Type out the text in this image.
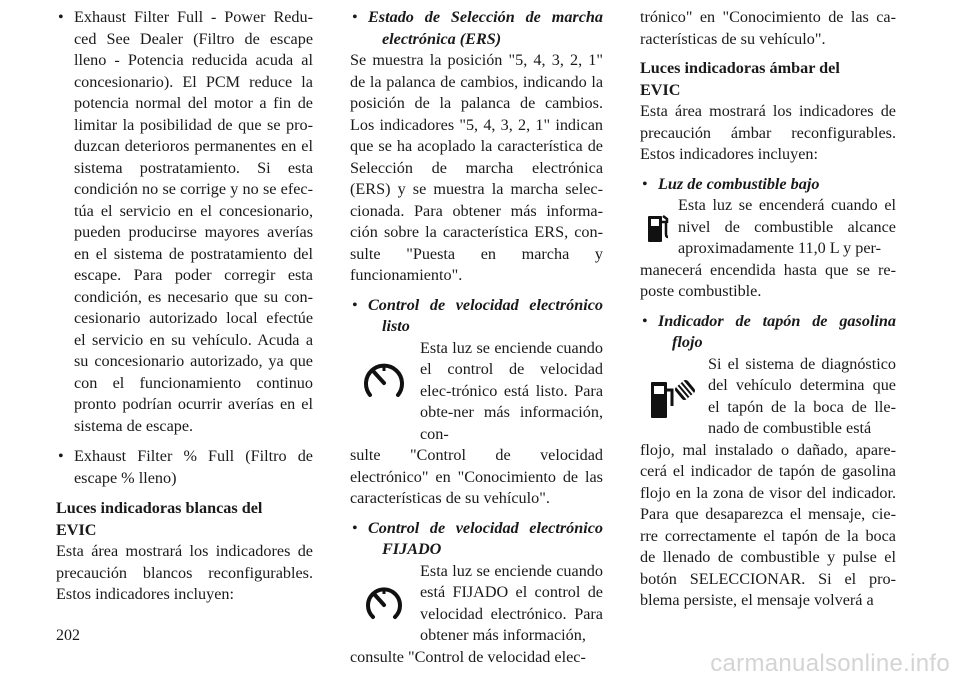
• Exhaust Filter Full - Power Redu-ced See Dealer (Filtro de escape lleno - Potencia reducida acuda al concesionario). El PCM reduce la potencia normal del motor a fin de limitar la posibilidad de que se pro-duzcan deterioros permanentes en el sistema postratamiento. Si esta condición no se corrige y no se efec-túa el servicio en el concesionario, pueden producirse mayores averías en el sistema de postratamiento del escape. Para poder corregir esta condición, es necesario que su con-cesionario autorizado local efectúe el servicio en su vehículo. Acuda a su concesionario autorizado, ya que con el funcionamiento continuo pronto podrían ocurrir averías en el sistema de escape.
• Exhaust Filter % Full (Filtro de escape % lleno)

Luces indicadoras blancas del EVIC

Esta área mostrará los indicadores de precaución blancos reconfigurables. Estos indicadores incluyen:

• Estado de Selección de marcha electrónica (ERS)

Se muestra la posición "5, 4, 3, 2, 1" de la palanca de cambios, indicando la posición de la palanca de cambios. Los indicadores "5, 4, 3, 2, 1" indican que se ha acoplado la característica de Selección de marcha electrónica (ERS) y se muestra la marcha selec-cionada. Para obtener más informa-ción sobre la característica ERS, con-sulte "Puesta en marcha y funcionamiento".

• Control de velocidad electrónico listo

Esta luz se enciende cuando el control de velocidad elec-trónico está listo. Para obte-ner más información, con-

sulte "Control de velocidad electrónico" en "Conocimiento de las características de su vehículo".

• Control de velocidad electrónico FIJADO

Esta luz se enciende cuando está FIJADO el control de velocidad electrónico. Para obtener más información,

consulte "Control de velocidad elec-

trónico" en "Conocimiento de las ca-racterísticas de su vehículo".

Luces indicadoras ámbar del EVIC

Esta área mostrará los indicadores de precaución ámbar reconfigurables. Estos indicadores incluyen:

• Luz de combustible bajo

Esta luz se encenderá cuando el nivel de combustible alcance aproximadamente 11,0 L y per-

manecerá encendida hasta que se re-poste combustible.

• Indicador de tapón de gasolina flojo

Si el sistema de diagnóstico del vehículo determina que el tapón de la boca de lle-nado de combustible está

flojo, mal instalado o dañado, apare-cerá el indicador de tapón de gasolina flojo en la zona de visor del indicador. Para que desaparezca el mensaje, cie-rre correctamente el tapón de la boca de llenado de combustible y pulse el botón SELECCIONAR. Si el pro-blema persiste, el mensaje volverá a

202
carmanualsonline.info
